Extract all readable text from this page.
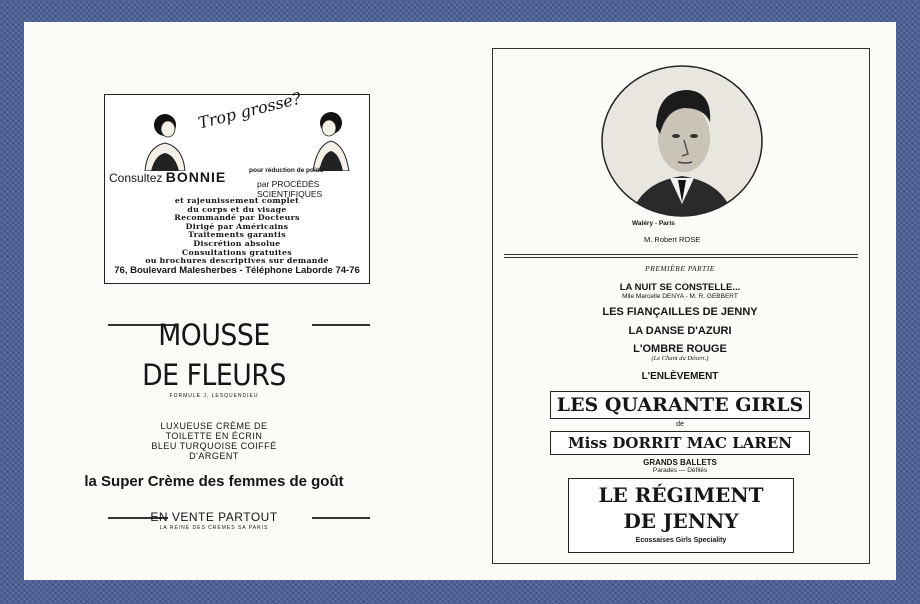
Trop grosse?
Consultez BONNIE	pour réduction de poids
par PROCÉDÉS SCIENTIFIQUES
et rajeunissement complet
du corps et du visage
Recommandé par Docteurs
Dirigé par Américains
Traitements garantis
Discrétion absolue
Consultations gratuites
ou brochures descriptives sur demande
76, Boulevard Malesherbes - Téléphone Laborde 74-76
MOUSSE
DE FLEURS
FORMULE J. LESQUENDIEU
LUXUEUSE CRÈME DE
TOILETTE EN ÉCRIN
BLEU TURQUOISE COIFFÉ
D'ARGENT
la Super Crème des femmes de goût
EN VENTE PARTOUT
LA REINE DES CRÈMES SA PARIS
Waléry - Paris
M. Robert ROSE
PREMIÈRE PARTIE
LA NUIT SE CONSTELLE...
Mlle Marcelle DENYA - M. R. GEBBERT
LES FIANÇAILLES DE JENNY
LA DANSE D'AZURI
L'OMBRE ROUGE
(Le Chant du Désert.)
L'ENLÈVEMENT
LES QUARANTE GIRLS
de
Miss DORRIT MAC LAREN
GRANDS BALLETS
Parades — Défilés
LE RÉGIMENT
DE JENNY
Ecossaises Girls Speciality
